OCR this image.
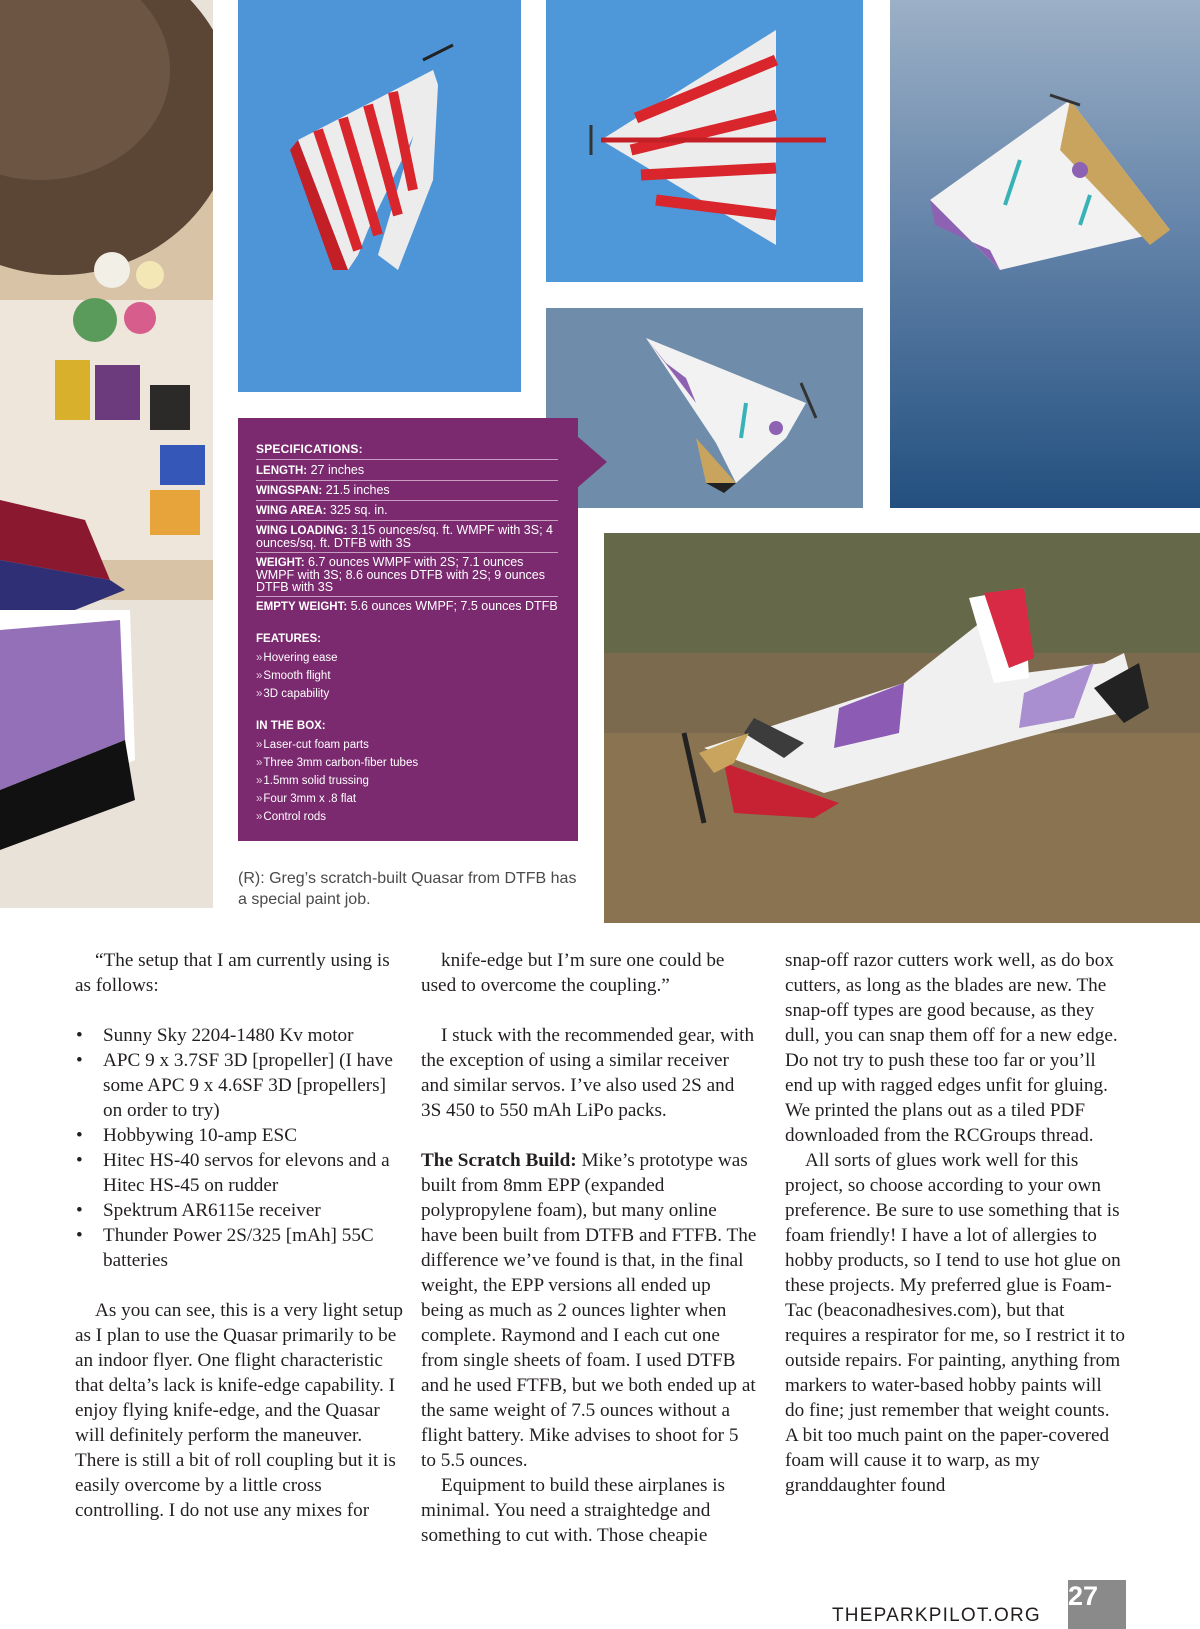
SPECIFICATIONS:
LENGTH: 27 inches
WINGSPAN: 21.5 inches
WING AREA: 325 sq. in.
WING LOADING: 3.15 ounces/sq. ft. WMPF with 3S; 4 ounces/sq. ft. DTFB with 3S
WEIGHT: 6.7 ounces WMPF with 2S; 7.1 ounces WMPF with 3S; 8.6 ounces DTFB with 2S; 9 ounces DTFB with 3S
EMPTY WEIGHT: 5.6 ounces WMPF; 7.5 ounces DTFB
FEATURES:
» Hovering ease
» Smooth flight
» 3D capability
IN THE BOX:
» Laser-cut foam parts
» Three 3mm carbon-fiber tubes
» 1.5mm solid trussing
» Four 3mm x .8 flat
» Control rods

(R): Greg’s scratch-built Quasar from DTFB has a special paint job.

“The setup that I am currently using is as follows:

• Sunny Sky 2204-1480 Kv motor
• APC 9 x 3.7SF 3D [propeller] (I have some APC 9 x 4.6SF 3D [propellers] on order to try)
• Hobbywing 10-amp ESC
• Hitec HS-40 servos for elevons and a Hitec HS-45 on rudder
• Spektrum AR6115e receiver
• Thunder Power 2S/325 [mAh] 55C batteries

As you can see, this is a very light setup as I plan to use the Quasar primarily to be an indoor flyer. One flight characteristic that delta’s lack is knife-edge capability. I enjoy flying knife-edge, and the Quasar will definitely perform the maneuver. There is still a bit of roll coupling but it is easily overcome by a little cross controlling. I do not use any mixes for

knife-edge but I’m sure one could be used to overcome the coupling.”

I stuck with the recommended gear, with the exception of using a similar receiver and similar servos. I’ve also used 2S and 3S 450 to 550 mAh LiPo packs.

The Scratch Build: Mike’s prototype was built from 8mm EPP (expanded polypropylene foam), but many online have been built from DTFB and FTFB. The difference we’ve found is that, in the final weight, the EPP versions all ended up being as much as 2 ounces lighter when complete. Raymond and I each cut one from single sheets of foam. I used DTFB and he used FTFB, but we both ended up at the same weight of 7.5 ounces without a flight battery. Mike advises to shoot for 5 to 5.5 ounces.

Equipment to build these airplanes is minimal. You need a straightedge and something to cut with. Those cheapie

snap-off razor cutters work well, as do box cutters, as long as the blades are new. The snap-off types are good because, as they dull, you can snap them off for a new edge. Do not try to push these too far or you’ll end up with ragged edges unfit for gluing. We printed the plans out as a tiled PDF downloaded from the RCGroups thread.

All sorts of glues work well for this project, so choose according to your own preference. Be sure to use something that is foam friendly! I have a lot of allergies to hobby products, so I tend to use hot glue on these projects. My preferred glue is Foam-Tac (beaconadhesives.com), but that requires a respirator for me, so I restrict it to outside repairs. For painting, anything from markers to water-based hobby paints will do fine; just remember that weight counts. A bit too much paint on the paper-covered foam will cause it to warp, as my granddaughter found

THEPARKPILOT.ORG
27
